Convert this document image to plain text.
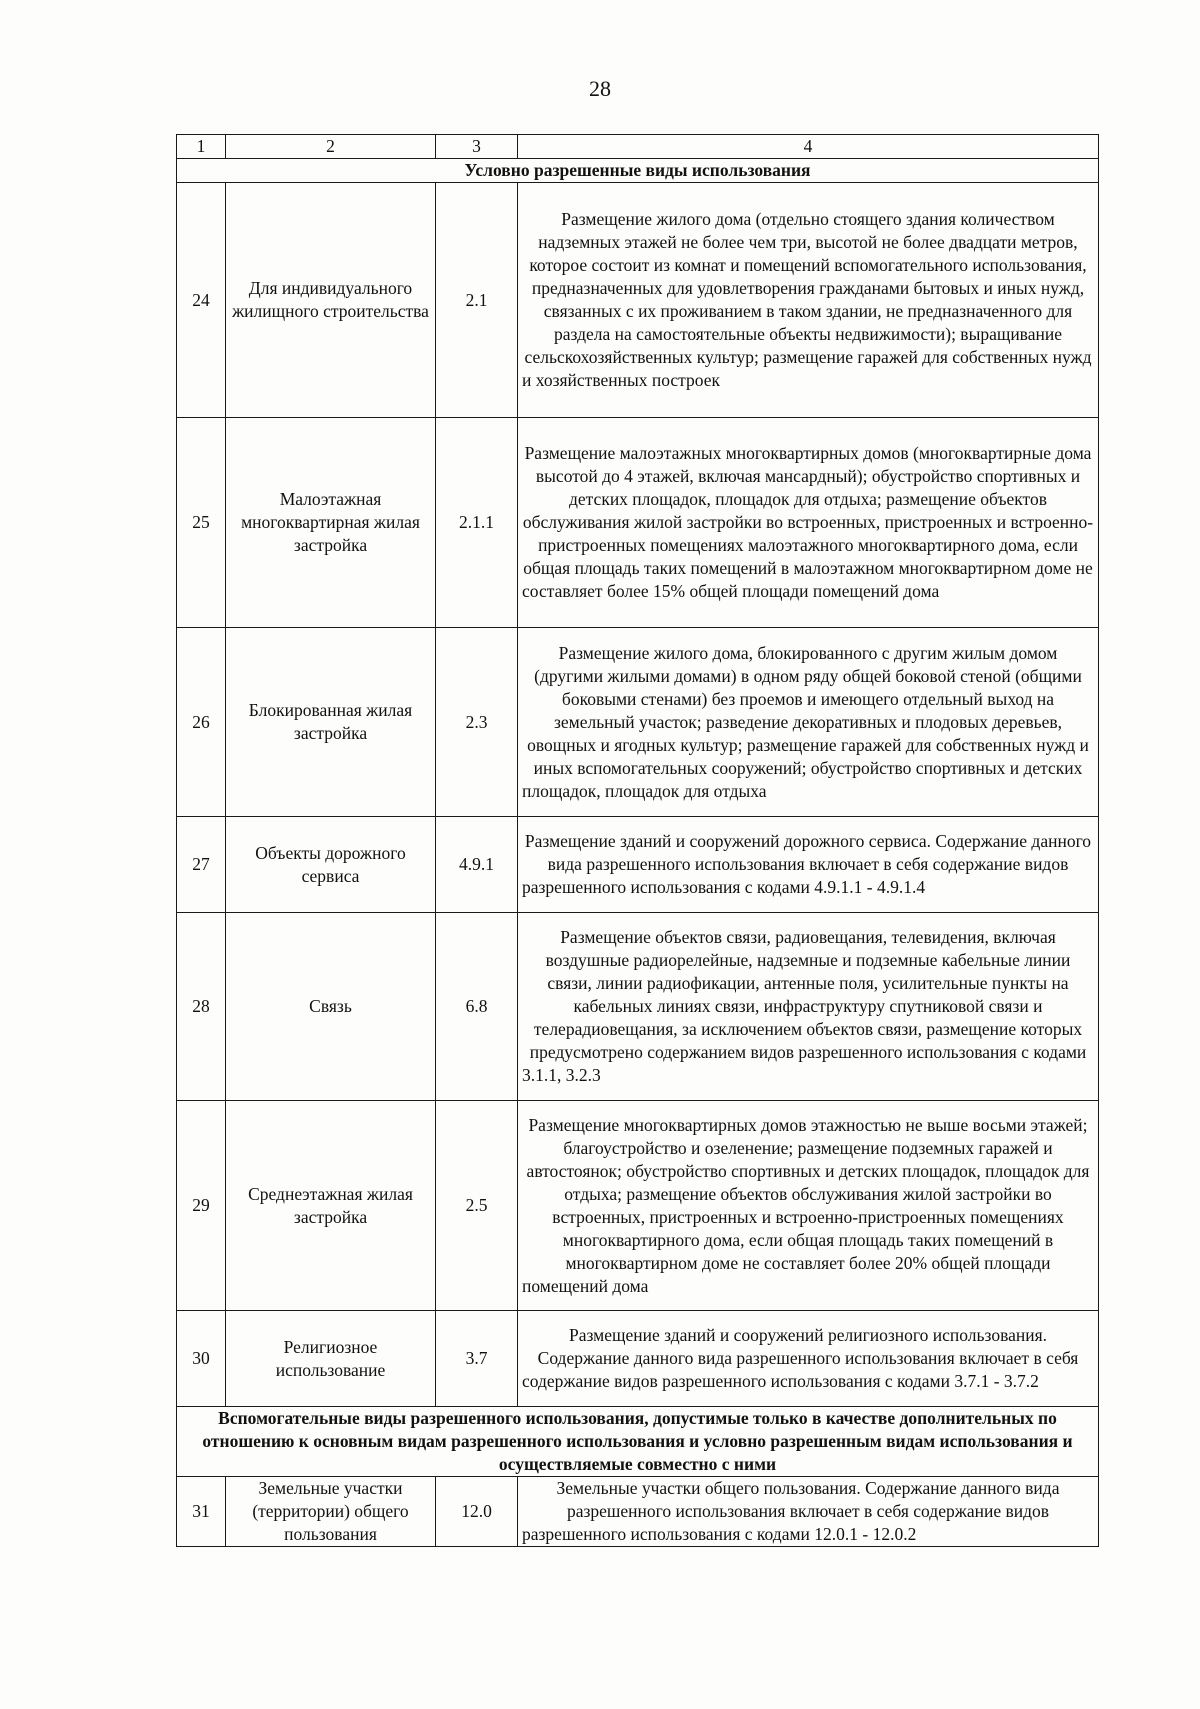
28
1	2	3	4
Условно разрешенные виды использования			
24	Для индивидуального жилищного строительства	2.1	Размещение жилого дома (отдельно стоящего здания количеством надземных этажей не более чем три, высотой не более двадцати метров, которое состоит из комнат и помещений вспомогательного использования, предназначенных для удовлетворения гражданами бытовых и иных нужд, связанных с их проживанием в таком здании, не предназначенного для раздела на самостоятельные объекты недвижимости); выращивание сельскохозяйственных культур; размещение гаражей для собственных нужд и хозяйственных построек
25	Малоэтажная многоквартирная жилая застройка	2.1.1	Размещение малоэтажных многоквартирных домов (многоквартирные дома высотой до 4 этажей, включая мансардный); обустройство спортивных и детских площадок, площадок для отдыха; размещение объектов обслуживания жилой застройки во встроенных, пристроенных и встроенно-пристроенных помещениях малоэтажного многоквартирного дома, если общая площадь таких помещений в малоэтажном многоквартирном доме не составляет более 15% общей площади помещений дома
26	Блокированная жилая застройка	2.3	Размещение жилого дома, блокированного с другим жилым домом (другими жилыми домами) в одном ряду общей боковой стеной (общими боковыми стенами) без проемов и имеющего отдельный выход на земельный участок; разведение декоративных и плодовых деревьев, овощных и ягодных культур; размещение гаражей для собственных нужд и иных вспомогательных сооружений; обустройство спортивных и детских площадок, площадок для отдыха
27	Объекты дорожного сервиса	4.9.1	Размещение зданий и сооружений дорожного сервиса. Содержание данного вида разрешенного использования включает в себя содержание видов разрешенного использования с кодами 4.9.1.1 - 4.9.1.4
28	Связь	6.8	Размещение объектов связи, радиовещания, телевидения, включая воздушные радиорелейные, надземные и подземные кабельные линии связи, линии радиофикации, антенные поля, усилительные пункты на кабельных линиях связи, инфраструктуру спутниковой связи и телерадиовещания, за исключением объектов связи, размещение которых предусмотрено содержанием видов разрешенного использования с кодами 3.1.1, 3.2.3
29	Среднеэтажная жилая застройка	2.5	Размещение многоквартирных домов этажностью не выше восьми этажей; благоустройство и озеленение; размещение подземных гаражей и автостоянок; обустройство спортивных и детских площадок, площадок для отдыха; размещение объектов обслуживания жилой застройки во встроенных, пристроенных и встроенно-пристроенных помещениях многоквартирного дома, если общая площадь таких помещений в многоквартирном доме не составляет более 20% общей площади помещений дома
30	Религиозное использование	3.7	Размещение зданий и сооружений религиозного использования. Содержание данного вида разрешенного использования включает в себя содержание видов разрешенного использования с кодами 3.7.1 - 3.7.2
Вспомогательные виды разрешенного использования, допустимые только в качестве дополнительных по отношению к основным видам разрешенного использования и условно разрешенным видам использования и осуществляемые совместно с ними			
31	Земельные участки (территории) общего пользования	12.0	Земельные участки общего пользования. Содержание данного вида разрешенного использования включает в себя содержание видов разрешенного использования с кодами 12.0.1 - 12.0.2
